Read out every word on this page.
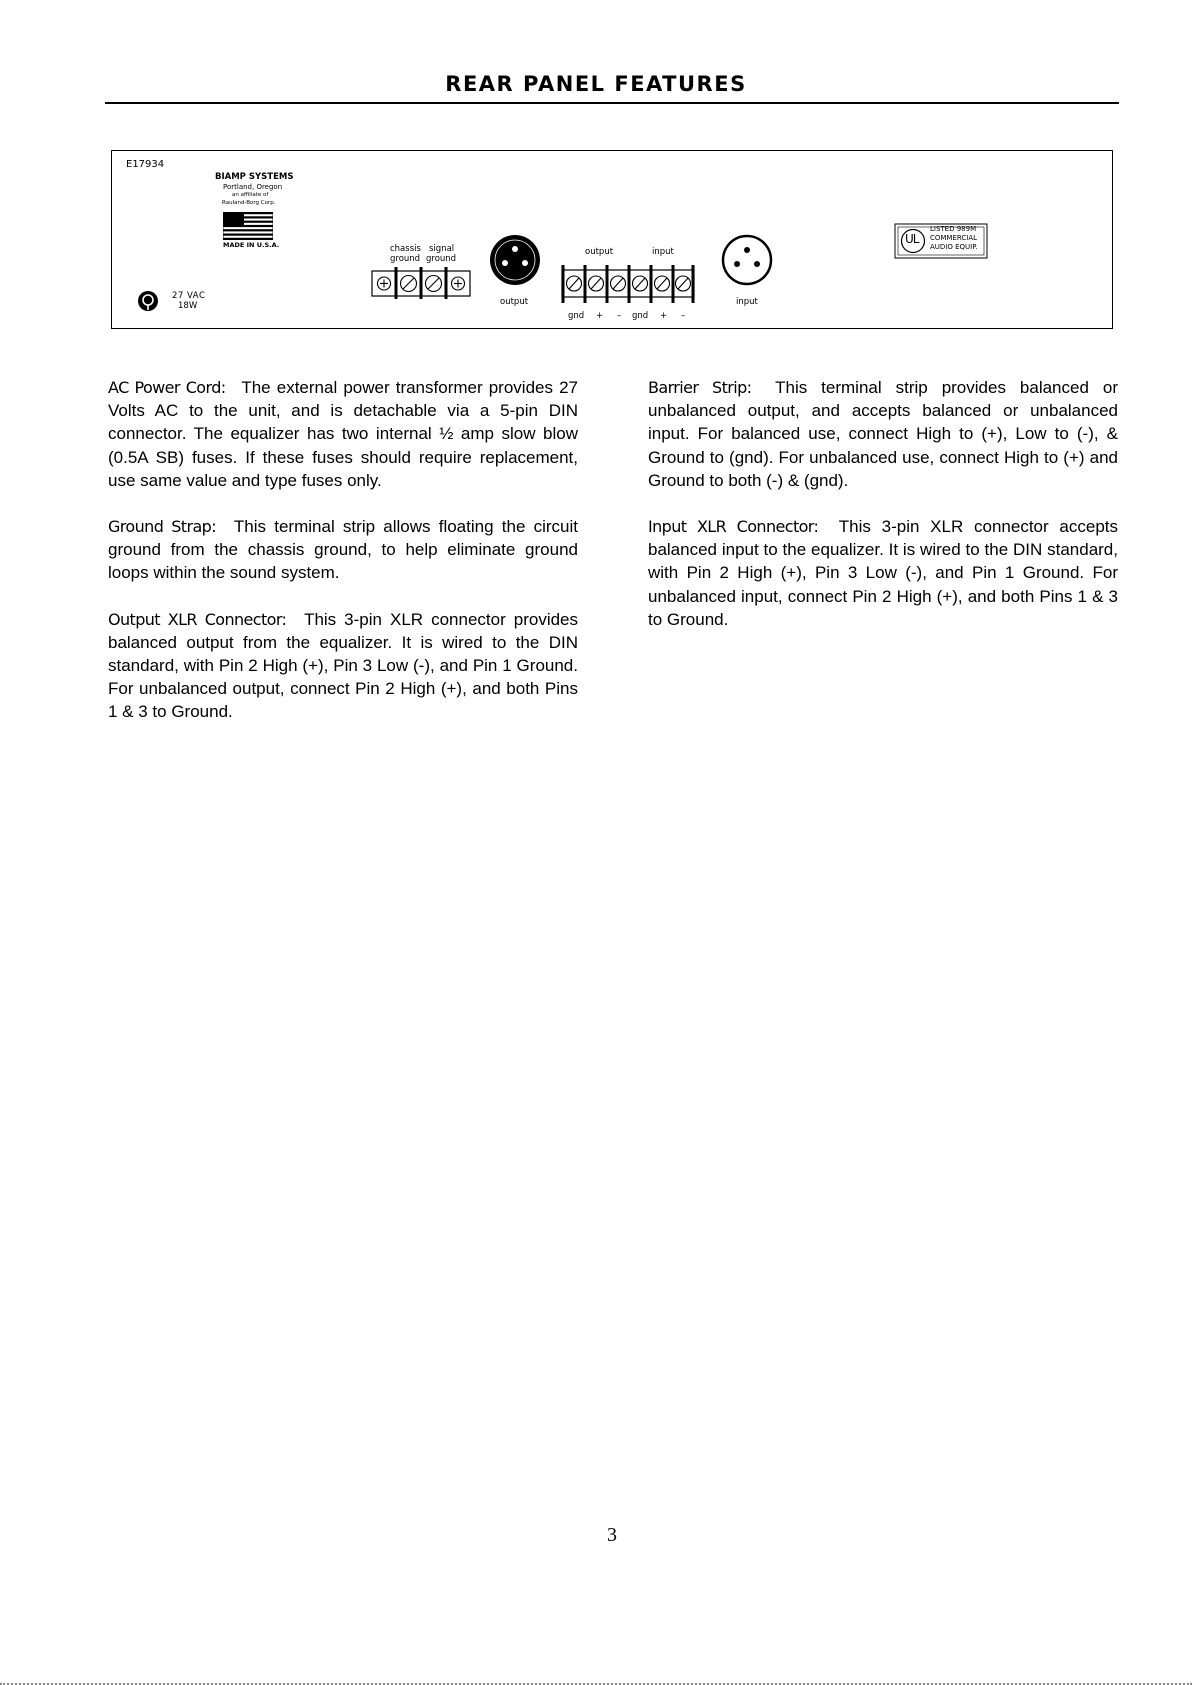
REAR PANEL FEATURES
E17934
BIAMP SYSTEMS
Portland, Oregon
an affiliate of
Rauland-Borg Corp.
MADE IN U.S.A.
27 VAC
18W
chassis
ground
signal
ground
output
output	input
gnd + – gnd + –
input
UL
LISTED 989M
COMMERCIAL
AUDIO EQUIP.

AC Power Cord: The external power transformer provides 27 Volts AC to the unit, and is detachable via a 5-pin DIN connector. The equalizer has two internal ½ amp slow blow (0.5A SB) fuses. If these fuses should require replacement, use same value and type fuses only.

Ground Strap: This terminal strip allows floating the circuit ground from the chassis ground, to help eliminate ground loops within the sound system.

Output XLR Connector: This 3-pin XLR connector provides balanced output from the equalizer. It is wired to the DIN standard, with Pin 2 High (+), Pin 3 Low (-), and Pin 1 Ground. For unbalanced output, connect Pin 2 High (+), and both Pins 1 & 3 to Ground.

Barrier Strip: This terminal strip provides balanced or unbalanced output, and accepts balanced or unbalanced input. For balanced use, connect High to (+), Low to (-), & Ground to (gnd). For unbalanced use, connect High to (+) and Ground to both (-) & (gnd).

Input XLR Connector: This 3-pin XLR connector accepts balanced input to the equalizer. It is wired to the DIN standard, with Pin 2 High (+), Pin 3 Low (-), and Pin 1 Ground. For unbalanced input, connect Pin 2 High (+), and both Pins 1 & 3 to Ground.

3
